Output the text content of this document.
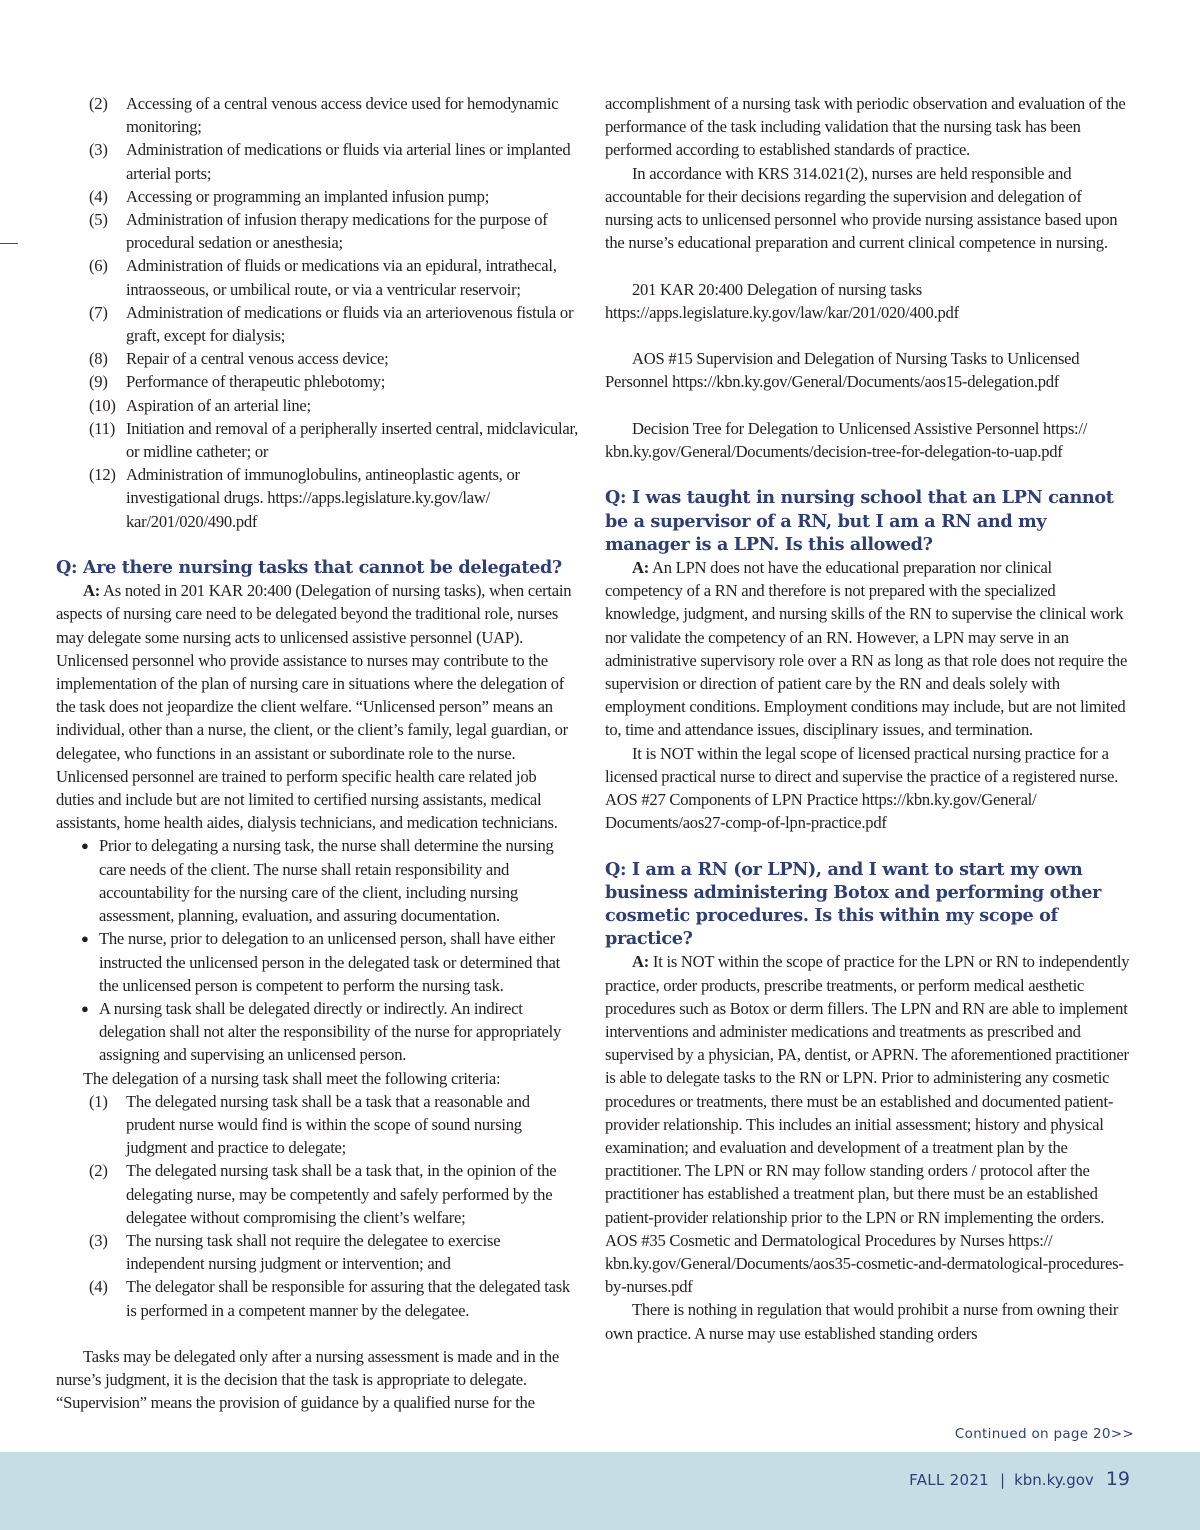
(2) Accessing of a central venous access device used for hemodynamic monitoring;
(3) Administration of medications or fluids via arterial lines or implanted arterial ports;
(4) Accessing or programming an implanted infusion pump;
(5) Administration of infusion therapy medications for the purpose of procedural sedation or anesthesia;
(6) Administration of fluids or medications via an epidural, intrathecal, intraosseous, or umbilical route, or via a ventricular reservoir;
(7) Administration of medications or fluids via an arteriovenous fistula or graft, except for dialysis;
(8) Repair of a central venous access device;
(9) Performance of therapeutic phlebotomy;
(10) Aspiration of an arterial line;
(11) Initiation and removal of a peripherally inserted central, midclavicular, or midline catheter; or
(12) Administration of immunoglobulins, antineoplastic agents, or investigational drugs. https://apps.legislature.ky.gov/law/ kar/201/020/490.pdf
Q: Are there nursing tasks that cannot be delegated?

A: As noted in 201 KAR 20:400 (Delegation of nursing tasks), when certain aspects of nursing care need to be delegated beyond the traditional role, nurses may delegate some nursing acts to unlicensed assistive personnel (UAP). Unlicensed personnel who provide assistance to nurses may contribute to the implementation of the plan of nursing care in situations where the delegation of the task does not jeopardize the client welfare. “Unlicensed person” means an individual, other than a nurse, the client, or the client’s family, legal guardian, or delegatee, who functions in an assistant or subordinate role to the nurse. Unlicensed personnel are trained to perform specific health care related job duties and include but are not limited to certified nursing assistants, medical assistants, home health aides, dialysis technicians, and medication technicians.

● Prior to delegating a nursing task, the nurse shall determine the nursing care needs of the client. The nurse shall retain responsibility and accountability for the nursing care of the client, including nursing assessment, planning, evaluation, and assuring documentation.
● The nurse, prior to delegation to an unlicensed person, shall have either instructed the unlicensed person in the delegated task or determined that the unlicensed person is competent to perform the nursing task.
● A nursing task shall be delegated directly or indirectly. An indirect delegation shall not alter the responsibility of the nurse for appropriately assigning and supervising an unlicensed person.

The delegation of a nursing task shall meet the following criteria:

(1) The delegated nursing task shall be a task that a reasonable and prudent nurse would find is within the scope of sound nursing judgment and practice to delegate;
(2) The delegated nursing task shall be a task that, in the opinion of the delegating nurse, may be competently and safely performed by the delegatee without compromising the client’s welfare;
(3) The nursing task shall not require the delegatee to exercise independent nursing judgment or intervention; and
(4) The delegator shall be responsible for assuring that the delegated task is performed in a competent manner by the delegatee.

Tasks may be delegated only after a nursing assessment is made and in the nurse’s judgment, it is the decision that the task is appropriate to delegate. “Supervision” means the provision of guidance by a qualified nurse for the

accomplishment of a nursing task with periodic observation and evaluation of the performance of the task including validation that the nursing task has been performed according to established standards of practice.

In accordance with KRS 314.021(2), nurses are held responsible and accountable for their decisions regarding the supervision and delegation of nursing acts to unlicensed personnel who provide nursing assistance based upon the nurse’s educational preparation and current clinical competence in nursing.

201 KAR 20:400 Delegation of nursing tasks https://apps.legislature.ky.gov/law/kar/201/020/400.pdf

AOS #15 Supervision and Delegation of Nursing Tasks to Unlicensed Personnel https://kbn.ky.gov/General/Documents/aos15-delegation.pdf

Decision Tree for Delegation to Unlicensed Assistive Personnel https:// kbn.ky.gov/General/Documents/decision-tree-for-delegation-to-uap.pdf

Q: I was taught in nursing school that an LPN cannot be a supervisor of a RN, but I am a RN and my manager is a LPN. Is this allowed?

A: An LPN does not have the educational preparation nor clinical competency of a RN and therefore is not prepared with the specialized knowledge, judgment, and nursing skills of the RN to supervise the clinical work nor validate the competency of an RN. However, a LPN may serve in an administrative supervisory role over a RN as long as that role does not require the supervision or direction of patient care by the RN and deals solely with employment conditions. Employment conditions may include, but are not limited to, time and attendance issues, disciplinary issues, and termination.

It is NOT within the legal scope of licensed practical nursing practice for a licensed practical nurse to direct and supervise the practice of a registered nurse. AOS #27 Components of LPN Practice https://kbn.ky.gov/General/ Documents/aos27-comp-of-lpn-practice.pdf

Q: I am a RN (or LPN), and I want to start my own business administering Botox and performing other cosmetic procedures. Is this within my scope of practice?

A: It is NOT within the scope of practice for the LPN or RN to independently practice, order products, prescribe treatments, or perform medical aesthetic procedures such as Botox or derm fillers. The LPN and RN are able to implement interventions and administer medications and treatments as prescribed and supervised by a physician, PA, dentist, or APRN. The aforementioned practitioner is able to delegate tasks to the RN or LPN. Prior to administering any cosmetic procedures or treatments, there must be an established and documented patient-provider relationship. This includes an initial assessment; history and physical examination; and evaluation and development of a treatment plan by the practitioner. The LPN or RN may follow standing orders / protocol after the practitioner has established a treatment plan, but there must be an established patient-provider relationship prior to the LPN or RN implementing the orders. AOS #35 Cosmetic and Dermatological Procedures by Nurses https:// kbn.ky.gov/General/Documents/aos35-cosmetic-and-dermatological-procedures-by-nurses.pdf

There is nothing in regulation that would prohibit a nurse from owning their own practice. A nurse may use established standing orders

Continued on page 20>>
FALL 2021 | kbn.ky.gov 19
